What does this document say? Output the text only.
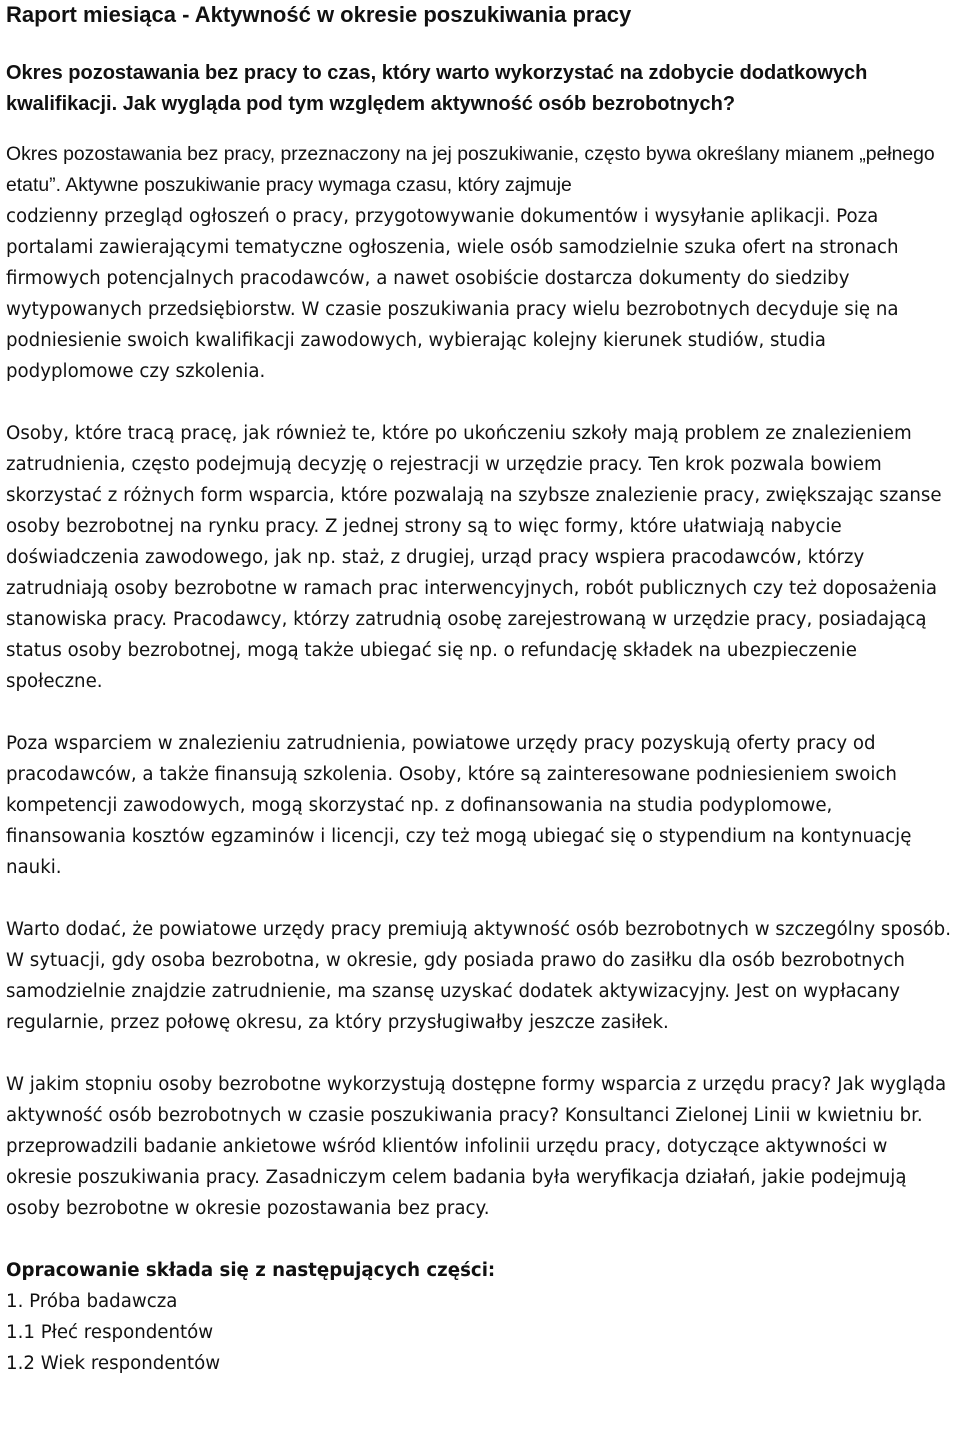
Raport miesiąca - Aktywność w okresie poszukiwania pracy

Okres pozostawania bez pracy to czas, który warto wykorzystać na zdobycie dodatkowych kwalifikacji. Jak wygląda pod tym względem aktywność osób bezrobotnych?

Okres pozostawania bez pracy, przeznaczony na jej poszukiwanie, często bywa określany mianem „pełnego etatu”. Aktywne poszukiwanie pracy wymaga czasu, który zajmuje

codzienny przegląd ogłoszeń o pracy, przygotowywanie dokumentów i wysyłanie aplikacji. Poza portalami zawierającymi tematyczne ogłoszenia, wiele osób samodzielnie szuka ofert na stronach firmowych potencjalnych pracodawców, a nawet osobiście dostarcza dokumenty do siedziby wytypowanych przedsiębiorstw. W czasie poszukiwania pracy wielu bezrobotnych decyduje się na podniesienie swoich kwalifikacji zawodowych, wybierając kolejny kierunek studiów, studia podyplomowe czy szkolenia.

Osoby, które tracą pracę, jak również te, które po ukończeniu szkoły mają problem ze znalezieniem zatrudnienia, często podejmują decyzję o rejestracji w urzędzie pracy. Ten krok pozwala bowiem skorzystać z różnych form wsparcia, które pozwalają na szybsze znalezienie pracy, zwiększając szanse osoby bezrobotnej na rynku pracy. Z jednej strony są to więc formy, które ułatwiają nabycie doświadczenia zawodowego, jak np. staż, z drugiej, urząd pracy wspiera pracodawców, którzy zatrudniają osoby bezrobotne w ramach prac interwencyjnych, robót publicznych czy też doposażenia stanowiska pracy. Pracodawcy, którzy zatrudnią osobę zarejestrowaną w urzędzie pracy, posiadającą status osoby bezrobotnej, mogą także ubiegać się np. o refundację składek na ubezpieczenie społeczne.

Poza wsparciem w znalezieniu zatrudnienia, powiatowe urzędy pracy pozyskują oferty pracy od pracodawców, a także finansują szkolenia. Osoby, które są zainteresowane podniesieniem swoich kompetencji zawodowych, mogą skorzystać np. z dofinansowania na studia podyplomowe, finansowania kosztów egzaminów i licencji, czy też mogą ubiegać się o stypendium na kontynuację nauki.

Warto dodać, że powiatowe urzędy pracy premiują aktywność osób bezrobotnych w szczególny sposób. W sytuacji, gdy osoba bezrobotna, w okresie, gdy posiada prawo do zasiłku dla osób bezrobotnych samodzielnie znajdzie zatrudnienie, ma szansę uzyskać dodatek aktywizacyjny. Jest on wypłacany regularnie, przez połowę okresu, za który przysługiwałby jeszcze zasiłek.

W jakim stopniu osoby bezrobotne wykorzystują dostępne formy wsparcia z urzędu pracy? Jak wygląda aktywność osób bezrobotnych w czasie poszukiwania pracy? Konsultanci Zielonej Linii w kwietniu br. przeprowadzili badanie ankietowe wśród klientów infolinii urzędu pracy, dotyczące aktywności w okresie poszukiwania pracy. Zasadniczym celem badania była weryfikacja działań, jakie podejmują osoby bezrobotne w okresie pozostawania bez pracy.

Opracowanie składa się z następujących części:

1. Próba badawcza
1.1 Płeć respondentów
1.2 Wiek respondentów
